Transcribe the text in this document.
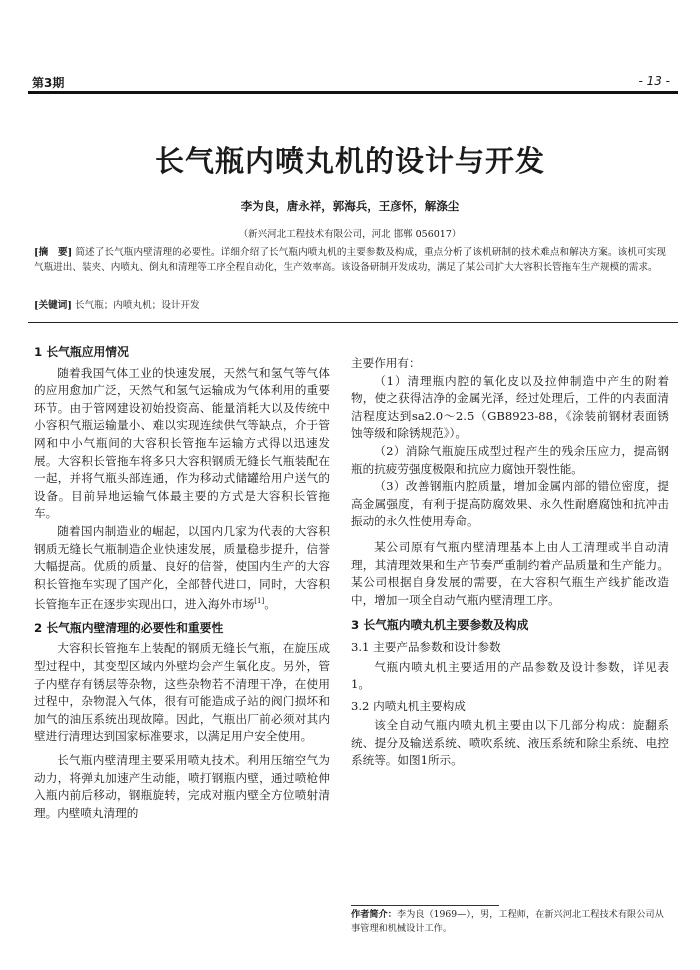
第3期	- 13 -
长气瓶内喷丸机的设计与开发
李为良，唐永祥，郭海兵，王彦怀，解涤尘
（新兴河北工程技术有限公司，河北 邯郸 056017）
[摘　要] 简述了长气瓶内壁清理的必要性。详细介绍了长气瓶内喷丸机的主要参数及构成，重点分析了该机研制的技术难点和解决方案。该机可实现气瓶进出、装夹、内喷丸、倒丸和清理等工序全程自动化，生产效率高。该设备研制开发成功，满足了某公司扩大大容积长管拖车生产规模的需求。
[关键词] 长气瓶；内喷丸机；设计开发
1 长气瓶应用情况

随着我国气体工业的快速发展，天然气和氢气等气体的应用愈加广泛，天然气和氢气运输成为气体利用的重要环节。由于管网建设初始投资高、能量消耗大以及传统中小容积气瓶运输量小、难以实现连续供气等缺点，介于管网和中小气瓶间的大容积长管拖车运输方式得以迅速发展。大容积长管拖车将多只大容积钢质无缝长气瓶装配在一起，并将气瓶头部连通，作为移动式储罐给用户送气的设备。目前异地运输气体最主要的方式是大容积长管拖车。

随着国内制造业的崛起，以国内几家为代表的大容积钢质无缝长气瓶制造企业快速发展，质量稳步提升，信誉大幅提高。优质的质量、良好的信誉，使国内生产的大容积长管拖车实现了国产化，全部替代进口，同时，大容积长管拖车正在逐步实现出口，进入海外市场[1]。

2 长气瓶内壁清理的必要性和重要性

大容积长管拖车上装配的钢质无缝长气瓶，在旋压成型过程中，其变型区域内外壁均会产生氧化皮。另外，管子内壁存有锈层等杂物，这些杂物若不清理干净，在使用过程中，杂物混入气体，很有可能造成子站的阀门损坏和加气的油压系统出现故障。因此，气瓶出厂前必须对其内壁进行清理达到国家标准要求，以满足用户安全使用。

长气瓶内壁清理主要采用喷丸技术。利用压缩空气为动力，将弹丸加速产生动能，喷打钢瓶内壁，通过喷枪伸入瓶内前后移动，钢瓶旋转，完成对瓶内壁全方位喷射清理。内壁喷丸清理的

主要作用有：

（1）清理瓶内腔的氧化皮以及拉伸制造中产生的附着物，使之获得洁净的金属光泽，经过处理后，工件的内表面清洁程度达到sa2.0～2.5（GB8923-88，《涂装前钢材表面锈蚀等级和除锈规范》）。

（2）消除气瓶旋压成型过程产生的残余压应力，提高钢瓶的抗疲劳强度极限和抗应力腐蚀开裂性能。

（3）改善钢瓶内腔质量，增加金属内部的错位密度，提高金属强度，有利于提高防腐效果、永久性耐磨腐蚀和抗冲击振动的永久性使用寿命。

某公司原有气瓶内壁清理基本上由人工清理或半自动清理，其清理效果和生产节奏严重制约着产品质量和生产能力。某公司根据自身发展的需要，在大容积气瓶生产线扩能改造中，增加一项全自动气瓶内壁清理工序。

3 长气瓶内喷丸机主要参数及构成
3.1 主要产品参数和设计参数

气瓶内喷丸机主要适用的产品参数及设计参数，详见表1。

3.2 内喷丸机主要构成

该全自动气瓶内喷丸机主要由以下几部分构成：旋翻系统、提分及输送系统、喷吹系统、液压系统和除尘系统、电控系统等。如图1所示。

作者简介：李为良（1969—），男，工程师，在新兴河北工程技术有限公司从事管理和机械设计工作。
